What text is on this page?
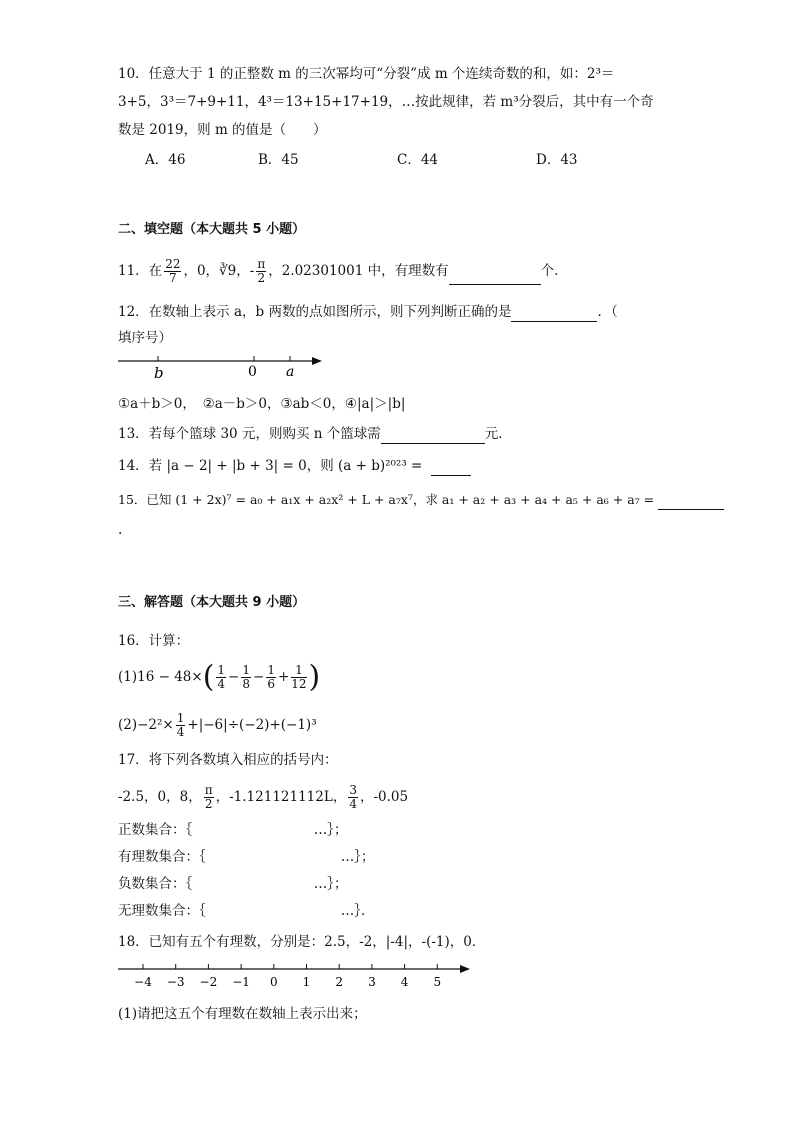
10．任意大于 1 的正整数 m 的三次幂均可“分裂”成 m 个连续奇数的和，如：2³＝
3+5，3³＝7+9+11，4³＝13+15+17+19，…按此规律，若 m³分裂后，其中有一个奇
数是 2019，则 m 的值是（　　）
A．46	B．45	C．44	D．43
二、填空题（本大题共 5 小题）
11．在 $\frac{22}{7}$ ，0，∛9，- $\frac{\pi}{2}$ ，2.02301001 中，有理数有	个.
12．在数轴上表示 a，b 两数的点如图所示，则下列判断正确的是	．（
填序号）
b	0 a
①a＋b＞0，　②a－b＞0，③ab＜0，④|a|＞|b|
13．若每个篮球 30 元，则购买 n 个篮球需	元．
14．若 |a − 2| + |b + 3| = 0，则 (a + b)²⁰²³ =
15．已知 (1 + 2x)⁷ = a₀ + a₁x + a₂x² + L + a₇x⁷，求 a₁ + a₂ + a₃ + a₄ + a₅ + a₆ + a₇ =
.
三、解答题（本大题共 9 小题）
16．计算：
$(1)16 - 48\times( \frac{1}{4} - \frac{1}{8} - \frac{1}{6} + \frac{1}{12}$ )
$(2)-2^2\times \frac{1}{4} +|-6|\div(-2)+(-1)^3$
17．将下列各数填入相应的括号内：
-2.5，0，8， $\frac{\pi}{2}$ ，-1.121121112L， $\frac{3}{4}$ ，-0.05
正数集合：｛　　　　　　　　　…｝；
有理数集合：｛　　　　　　　　　　…｝；
负数集合：｛　　　　　　　　　…｝；
无理数集合：｛　　　　　　　　　　…｝．
18．已知有五个有理数，分别是：2.5，-2，|-4|，-(-1)，0．
−4 −3 −2 −1 0 1 2 3 4 5
(1)请把这五个有理数在数轴上表示出来；
